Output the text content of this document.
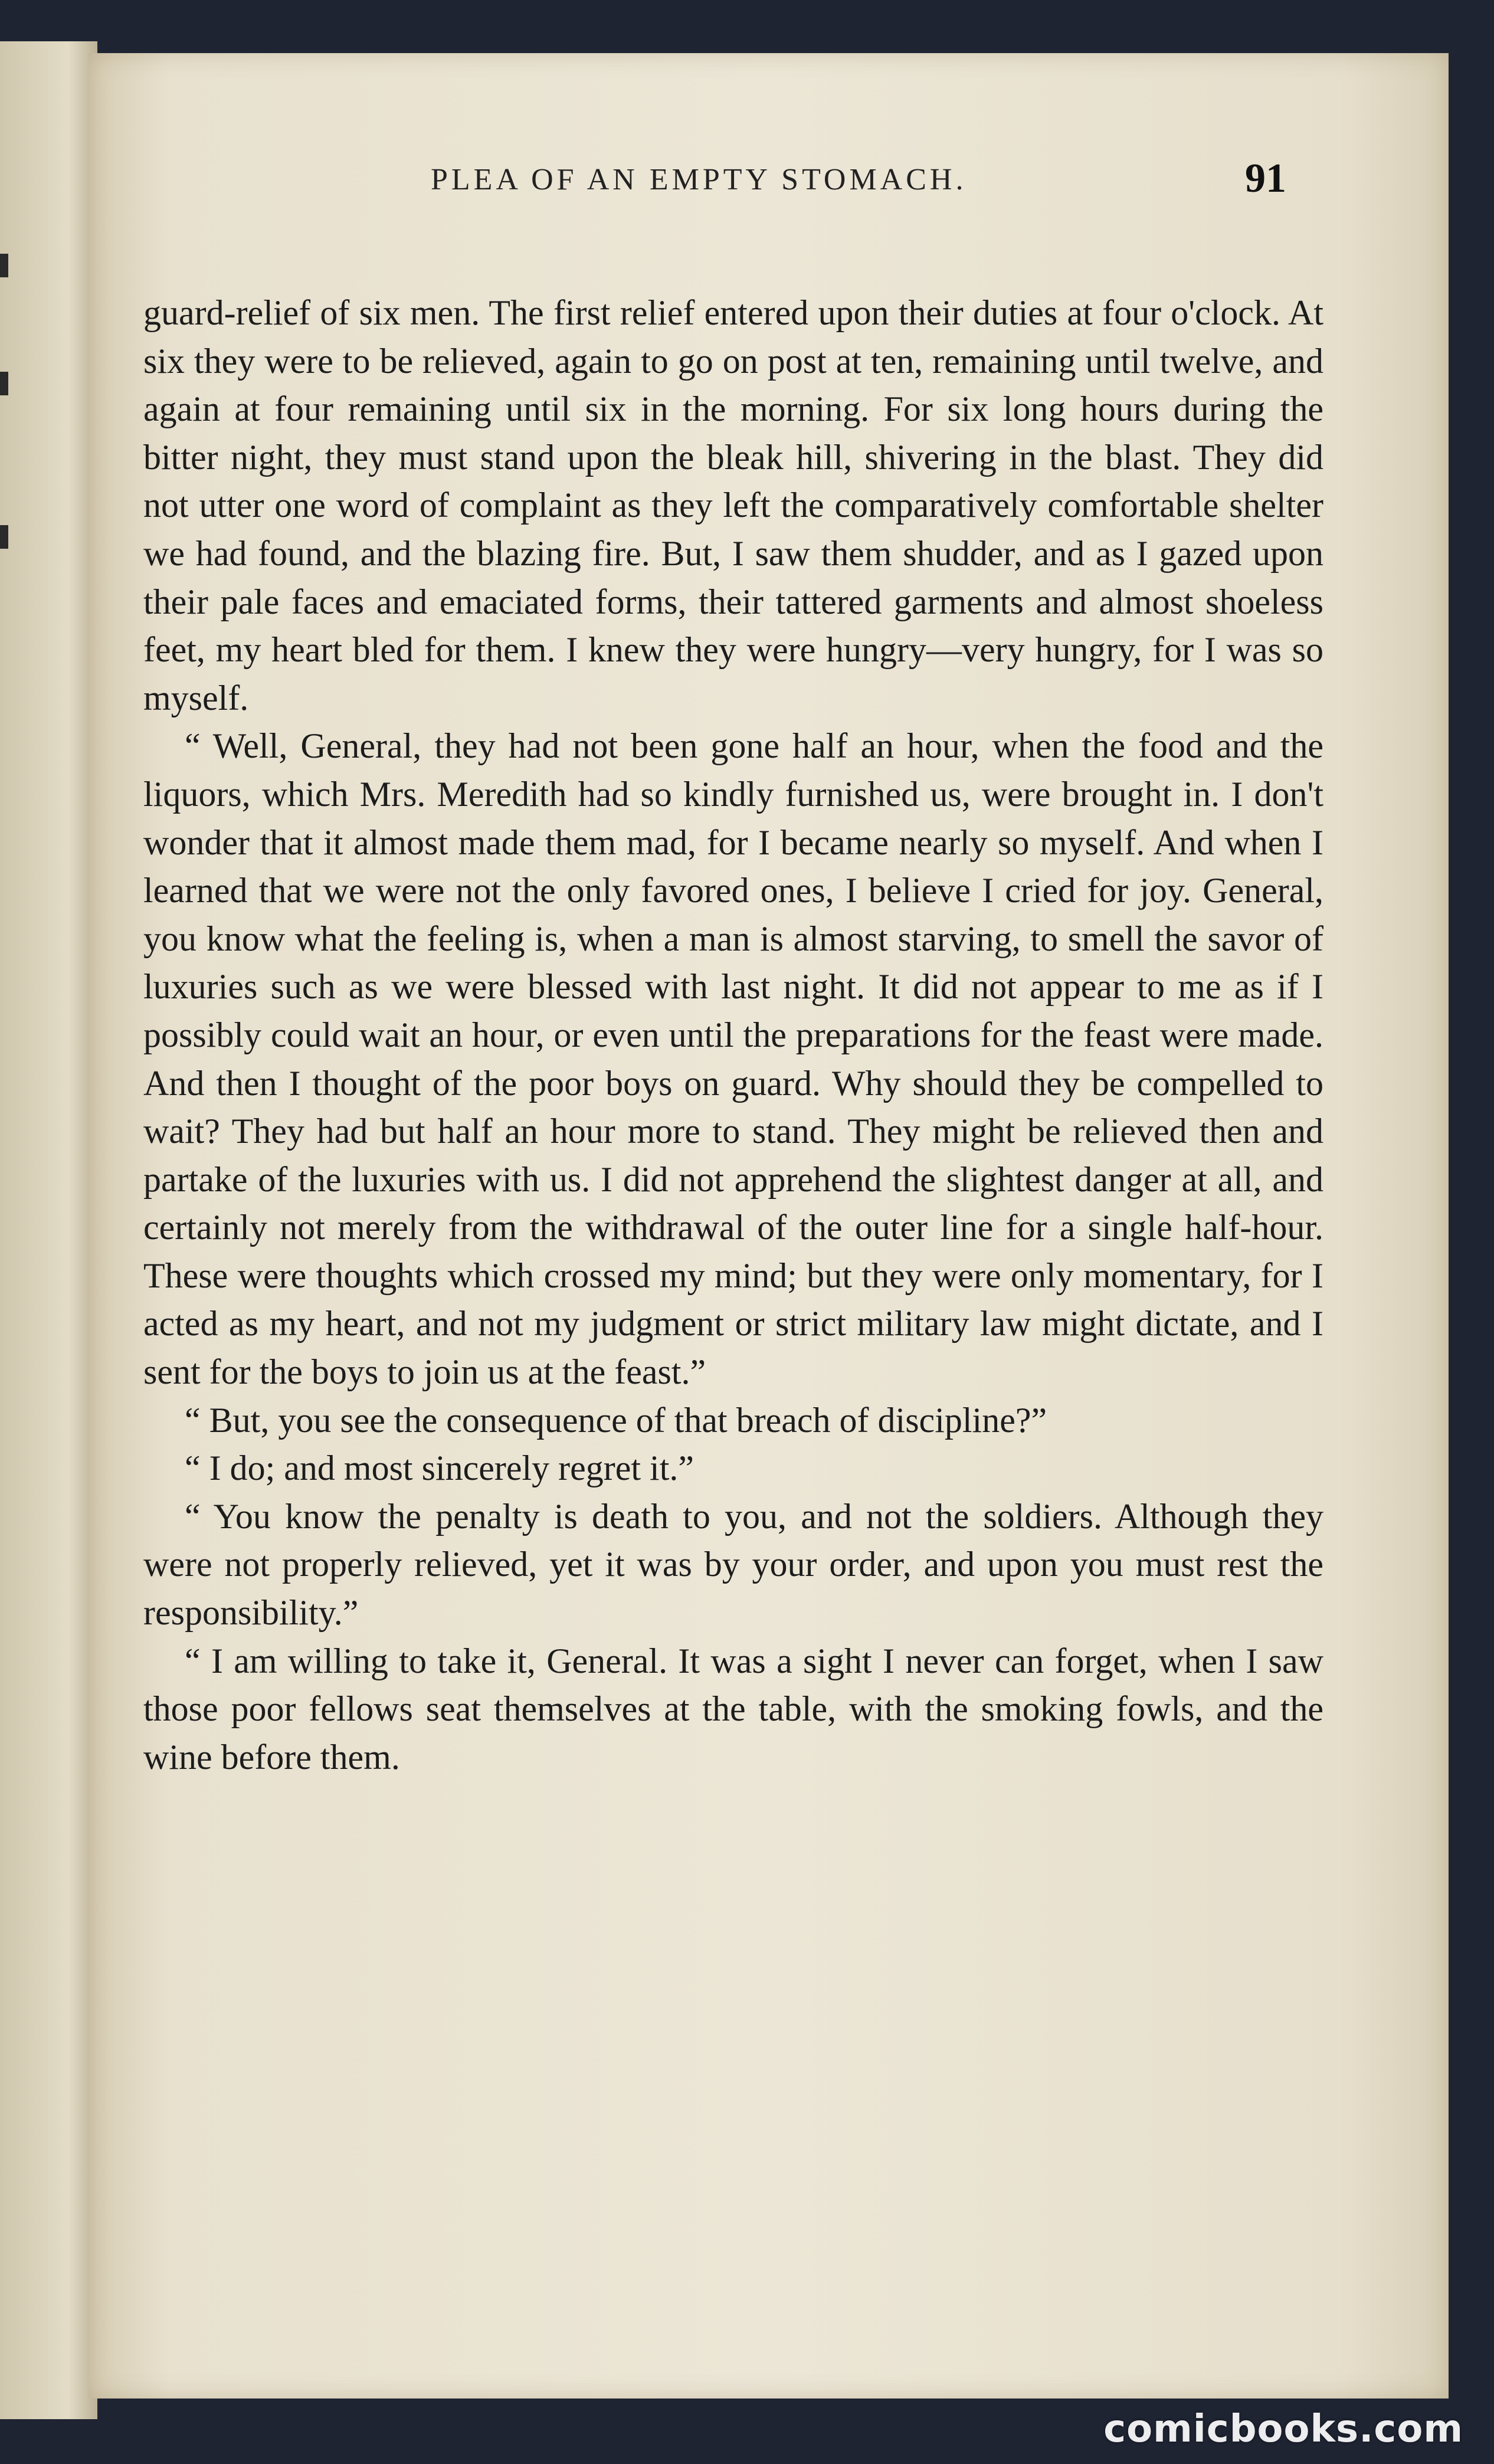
PLEA OF AN EMPTY STOMACH.	91

guard-relief of six men. The first relief entered upon their duties at four o'clock. At six they were to be relieved, again to go on post at ten, remaining until twelve, and again at four remaining until six in the morning. For six long hours during the bitter night, they must stand upon the bleak hill, shivering in the blast. They did not utter one word of complaint as they left the comparatively comfortable shelter we had found, and the blazing fire. But, I saw them shudder, and as I gazed upon their pale faces and emaciated forms, their tattered garments and almost shoeless feet, my heart bled for them. I knew they were hungry—very hungry, for I was so myself.

“ Well, General, they had not been gone half an hour, when the food and the liquors, which Mrs. Meredith had so kindly furnished us, were brought in. I don't wonder that it almost made them mad, for I became nearly so myself. And when I learned that we were not the only favored ones, I believe I cried for joy. General, you know what the feeling is, when a man is almost starving, to smell the savor of luxuries such as we were blessed with last night. It did not appear to me as if I possibly could wait an hour, or even until the preparations for the feast were made. And then I thought of the poor boys on guard. Why should they be compelled to wait? They had but half an hour more to stand. They might be relieved then and partake of the luxuries with us. I did not apprehend the slightest danger at all, and certainly not merely from the withdrawal of the outer line for a single half-hour. These were thoughts which crossed my mind; but they were only momentary, for I acted as my heart, and not my judgment or strict military law might dictate, and I sent for the boys to join us at the feast.”

“ But, you see the consequence of that breach of discipline?”

“ I do; and most sincerely regret it.”

“ You know the penalty is death to you, and not the soldiers. Although they were not properly relieved, yet it was by your order, and upon you must rest the responsibility.”

“ I am willing to take it, General. It was a sight I never can forget, when I saw those poor fellows seat themselves at the table, with the smoking fowls, and the wine before them.

comicbooks.com
